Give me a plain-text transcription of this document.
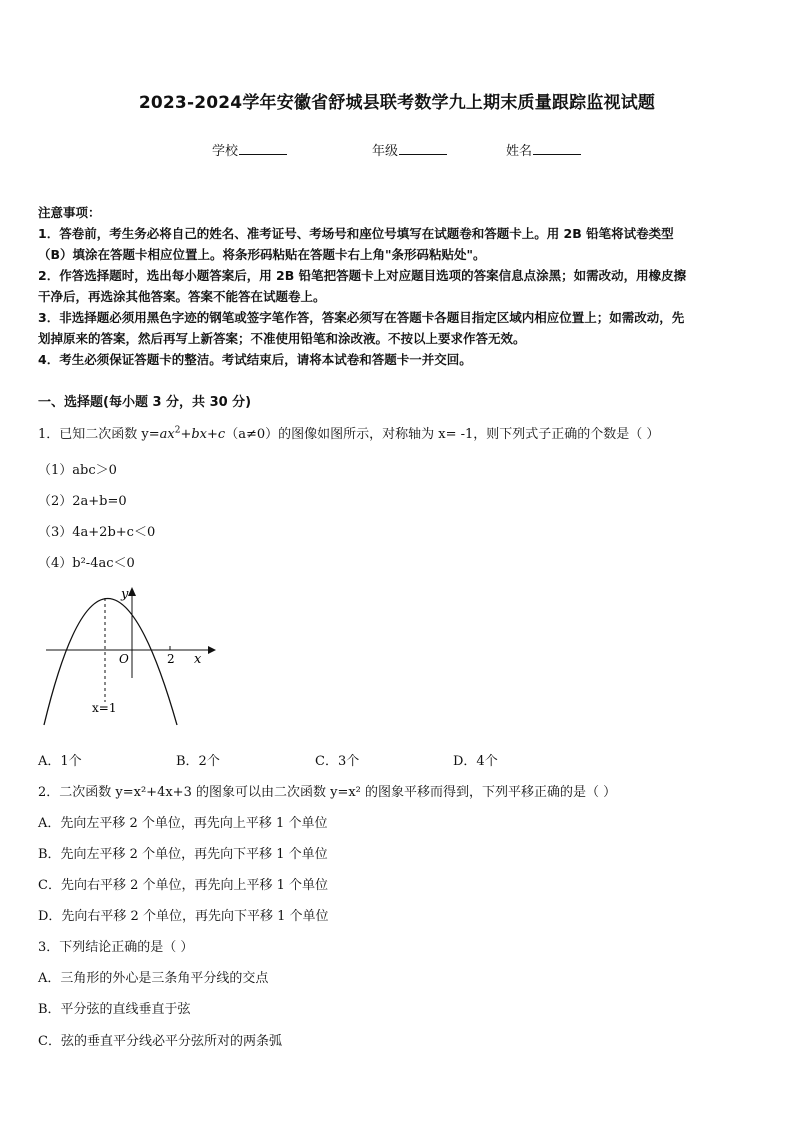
2023-2024学年安徽省舒城县联考数学九上期末质量跟踪监视试题
学校	年级	姓名
注意事项：
1．答卷前，考生务必将自己的姓名、准考证号、考场号和座位号填写在试题卷和答题卡上。用 2B 铅笔将试卷类型
（B）填涂在答题卡相应位置上。将条形码粘贴在答题卡右上角"条形码粘贴处"。
2．作答选择题时，选出每小题答案后，用 2B 铅笔把答题卡上对应题目选项的答案信息点涂黑；如需改动，用橡皮擦
干净后，再选涂其他答案。答案不能答在试题卷上。
3．非选择题必须用黑色字迹的钢笔或签字笔作答，答案必须写在答题卡各题目指定区域内相应位置上；如需改动，先
划掉原来的答案，然后再写上新答案；不准使用铅笔和涂改液。不按以上要求作答无效。
4．考生必须保证答题卡的整洁。考试结束后，请将本试卷和答题卡一并交回。
一、选择题(每小题 3 分，共 30 分)
1．已知二次函数 $y=ax^2+bx+c(a\ne 0)$的图像如图所示，对称轴为 x= -1，则下列式子正确的个数是（ ）
（1）abc＞0
（2）2a+b=0
（3）4a+2b+c＜0
（4）b²-4ac＜0
y
x
O	2
x=1
A．1个	B．2个	C．3个	D．4个
2．二次函数 y=x²+4x+3 的图象可以由二次函数 y=x² 的图象平移而得到，下列平移正确的是（ ）
A．先向左平移 2 个单位，再先向上平移 1 个单位
B．先向左平移 2 个单位，再先向下平移 1 个单位
C．先向右平移 2 个单位，再先向上平移 1 个单位
D．先向右平移 2 个单位，再先向下平移 1 个单位
3．下列结论正确的是（ ）
A．三角形的外心是三条角平分线的交点
B．平分弦的直线垂直于弦
C．弦的垂直平分线必平分弦所对的两条弧
